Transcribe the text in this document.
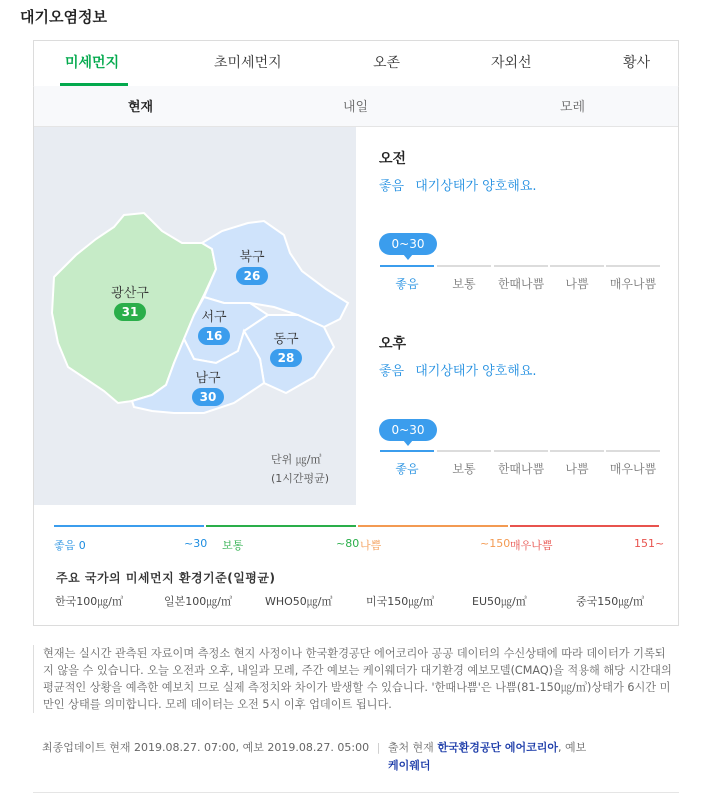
대기오염정보
미세먼지	초미세먼지	오존	자외선	황사
현재	내일	모레
광산구
31
북구
26
서구
16	동구
28
남구
30
단위 ㎍/㎥
(1시간평균)
오전
좋음 대기상태가 양호해요.
0~30
좋음	보통	한때나쁨	나쁨	매우나쁨
오후
좋음 대기상태가 양호해요.
0~30
좋음	보통	한때나쁨	나쁨	매우나쁨
좋음 0	~30 보통	~80 나쁨	~150 매우나쁨	151~
주요 국가의 미세먼지 환경기준(일평균)
한국100㎍/㎥	일본100㎍/㎥	WHO50㎍/㎥	미국150㎍/㎥	EU50㎍/㎥	중국150㎍/㎥

현재는 실시간 관측된 자료이며 측정소 현지 사정이나 한국환경공단 에어코리아 공공 데이터의 수신상태에 따라 데이터가 기록되지 않을 수 있습니다. 오늘 오전과 오후, 내일과 모레, 주간 예보는 케이웨더가 대기환경 예보모델(CMAQ)을 적용해 해당 시간대의 평균적인 상황을 예측한 예보치 므로 실제 측정치와 차이가 발생할 수 있습니다. '한때나쁨'은 나쁨(81-150㎍/㎥)상태가 6시간 미만인 상태를 의미합니다. 모레 데이터는 오전 5시 이후 업데이트 됩니다.

최종업데이트 현재 2019.08.27. 07:00, 예보 2019.08.27. 05:00 | 출처 현재 한국환경공단 에어코리아, 예보
케이웨더
